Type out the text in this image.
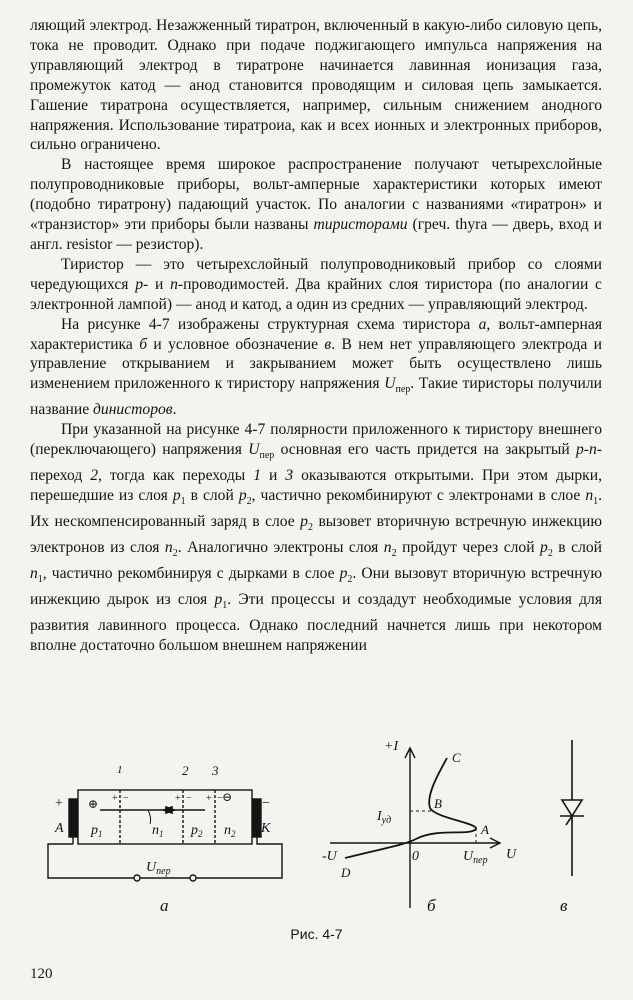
ляющий электрод. Незажженный тиратрон, включенный в какую-либо силовую цепь, тока не проводит. Однако при подаче поджигающего импульса напряжения на управляющий электрод в тиратроне начинается лавинная ионизация газа, промежуток катод — анод становится проводящим и силовая цепь замыкается. Гашение тиратрона осуществляется, например, сильным снижением анодного напряжения. Использование тиратроиа, как и всех ионных и электронных приборов, сильно ограничено.

В настоящее время широкое распространение получают четырехслойные полупроводниковые приборы, вольт-амперные характеристики которых имеют (подобно тиратрону) падающий участок. По аналогии с названиями «тиратрон» и «транзистор» эти приборы были названы тиристорами (греч. thyra — дверь, вход и англ. resistor — резистор).

Тиристор — это четырехслойный полупроводниковый прибор со слоями чередующихся р- и n-проводимостей. Два крайних слоя тиристора (по аналогии с электронной лампой) — анод и катод, а один из средних — управляющий электрод.

На рисунке 4-7 изображены структурная схема тиристора а, вольт-амперная характеристика б и условное обозначение в. В нем нет управляющего электрода и управление открыванием и закрыванием может быть осуществлено лишь изменением приложенного к тиристору напряжения $U_{пер}$. Такие тиристоры получили название динисторов.

При указанной на рисунке 4-7 полярности приложенного к тиристору внешнего (переключающего) напряжения $U_{пер}$ основная его часть придется на закрытый p-n-переход 2, тогда как переходы 1 и 3 оказываются открытыми. При этом дырки, перешедшие из слоя $p_1$ в слой $p_2$, частично рекомбинируют с электронами в слое $n_1$. Их нескомпенсированный заряд в слое $p_2$ вызовет вторичную встречную инжекцию электронов из слоя $n_2$. Аналогично электроны слоя $n_2$ пройдут через слой $p_2$ в слой $n_1$, частично рекомбинируя с дырками в слое $p_2$. Они вызовут вторичную встречную инжекцию дырок из слоя $p_1$. Эти процессы и создадут необходимые условия для развития лавинного процесса. Однако последний начнется лишь при некотором вполне достаточно большом внешнем напряжении

+	−
A	K
$p_1$	$n_1$ $p_2$ $n_2$
1	2 3
+ −	+ − + −
⊕	⊖
$U_{пер}$
а
+I
U
-U	0
$I_{уд}$
$U_{пер}$
A
B
C
D
б	в
Рис. 4-7
120
